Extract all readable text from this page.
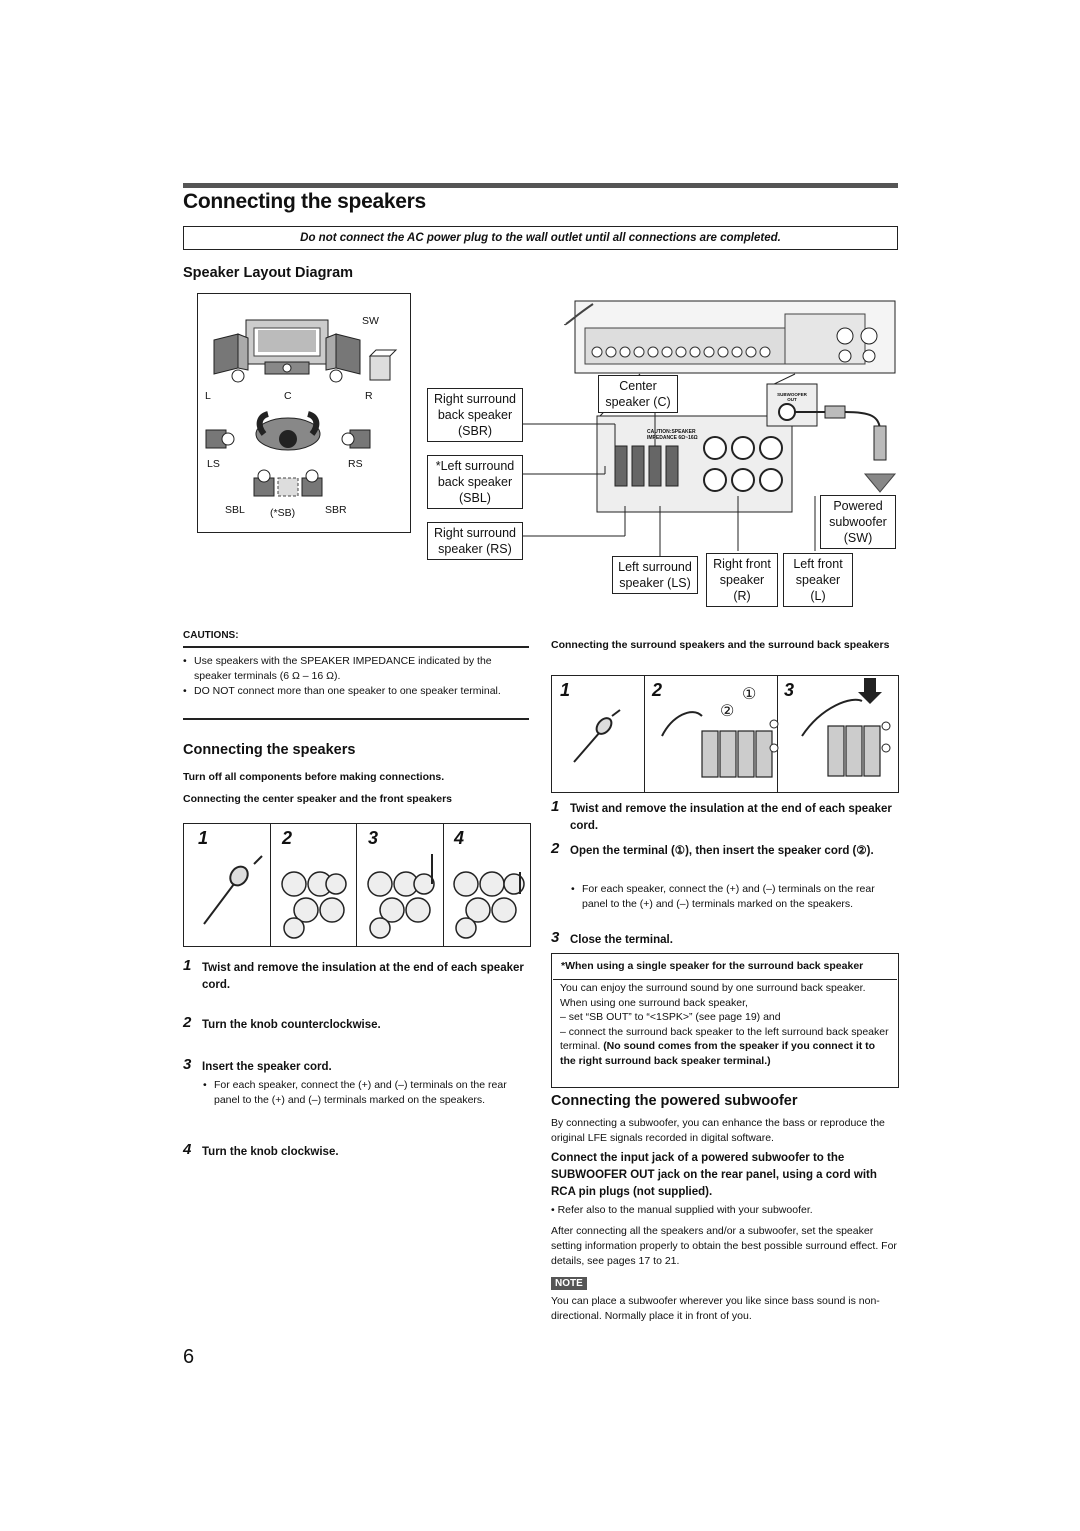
Connecting the speakers
Do not connect the AC power plug to the wall outlet until all connections are completed.
Speaker Layout Diagram
SW
L	C	R
LS	RS
SBL (*SB)	SBR
CAUTION:SPEAKER
IMPEDANCE 6Ω~16Ω
SUBWOOFER OUT
Right surround
back speaker
(SBR)
*Left surround
back speaker
(SBL)
Right surround
speaker (RS)
Center
speaker (C)
Left surround
speaker (LS)
Right front
speaker
(R)
Left front
speaker
(L)
Powered
subwoofer
(SW)
CAUTIONS:
• Use speakers with the SPEAKER IMPEDANCE indicated by the speaker terminals (6 Ω – 16 Ω).
• DO NOT connect more than one speaker to one speaker terminal.
Connecting the speakers
Turn off all components before making connections.
Connecting the center speaker and the front speakers
1	2	3	4
1 Twist and remove the insulation at the end of each speaker cord.
2 Turn the knob counterclockwise.
3 Insert the speaker cord.
• For each speaker, connect the (+) and (–) terminals on the rear panel to the (+) and (–) terminals marked on the speakers.
4 Turn the knob clockwise.
Connecting the surround speakers and the surround back speakers
1	2	3
①
②
1 Twist and remove the insulation at the end of each speaker cord.
2 Open the terminal (①), then insert the speaker cord (②).
• For each speaker, connect the (+) and (–) terminals on the rear panel to the (+) and (–) terminals marked on the speakers.
3 Close the terminal.
*When using a single speaker for the surround back speaker
You can enjoy the surround sound by one surround back speaker. When using one surround back speaker,
– set “SB OUT” to “<1SPK>” (see page 19) and
– connect the surround back speaker to the left surround back speaker terminal. (No sound comes from the speaker if you connect it to the right surround back speaker terminal.)
Connecting the powered subwoofer
By connecting a subwoofer, you can enhance the bass or reproduce the original LFE signals recorded in digital software.
Connect the input jack of a powered subwoofer to the SUBWOOFER OUT jack on the rear panel, using a cord with RCA pin plugs (not supplied).
• Refer also to the manual supplied with your subwoofer.
After connecting all the speakers and/or a subwoofer, set the speaker setting information properly to obtain the best possible surround effect. For details, see pages 17 to 21.
NOTE
You can place a subwoofer wherever you like since bass sound is non-directional. Normally place it in front of you.
6
